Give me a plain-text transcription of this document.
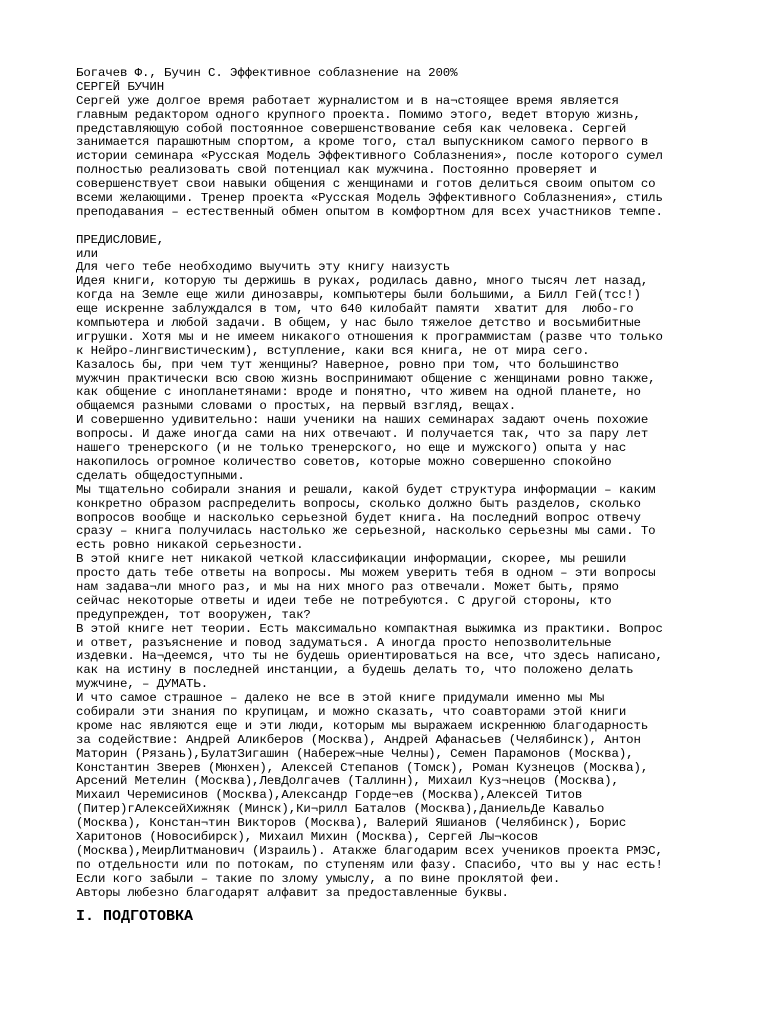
Богачев Ф., Бучин С. Эффективное соблазнение на 200%
СЕРГЕЙ БУЧИН
Сергей уже долгое время работает журналистом и в на¬стоящее время является
главным редактором одного крупного проекта. Помимо этого, ведет вторую жизнь,
представляющую собой постоянное совершенствование себя как человека. Сергей
занимается парашютным спортом, а кроме того, стал выпускником самого первого в
истории семинара «Русская Модель Эффективного Соблазнения», после которого сумел
полностью реализовать свой потенциал как мужчина. Постоянно проверяет и
совершенствует свои навыки общения с женщинами и готов делиться своим опытом со
всеми желающими. Тренер проекта «Русская Модель Эффективного Соблазнения», стиль
преподавания – естественный обмен опытом в комфортном для всех участников темпе.
ПРЕДИСЛОВИЕ,
или
Для чего тебе необходимо выучить эту книгу наизусть
Идея книги, которую ты держишь в руках, родилась давно, много тысяч лет назад,
когда на Земле еще жили динозавры, компьютеры были большими, а Билл Гей(тсс!)
еще искренне заблуждался в том, что 640 килобайт памяти  хватит для  любо-го
компьютера и любой задачи. В общем, у нас было тяжелое детство и восьмибитные
игрушки. Хотя мы и не имеем никакого отношения к программистам (разве что только
к Нейро-лингвистическим), вступление, каки вся книга, не от мира сего.
Казалось бы, при чем тут женщины? Наверное, ровно при том, что большинство
мужчин практически всю свою жизнь воспринимают общение с женщинами ровно также,
как общение с инопланетянами: вроде и понятно, что живем на одной планете, но
общаемся разными словами о простых, на первый взгляд, вещах.
И совершенно удивительно: наши ученики на наших семинарах задают очень похожие
вопросы. И даже иногда сами на них отвечают. И получается так, что за пару лет
нашего тренерского (и не только тренерского, но еще и мужского) опыта у нас
накопилось огромное количество советов, которые можно совершенно спокойно
сделать общедоступными.
Мы тщательно собирали знания и решали, какой будет структура информации – каким
конкретно образом распределить вопросы, сколько должно быть разделов, сколько
вопросов вообще и насколько серьезной будет книга. На последний вопрос отвечу
сразу – книга получилась настолько же серьезной, насколько серьезны мы сами. То
есть ровно никакой серьезности.
В этой книге нет никакой четкой классификации информации, скорее, мы решили
просто дать тебе ответы на вопросы. Мы можем уверить тебя в одном – эти вопросы
нам задава¬ли много раз, и мы на них много раз отвечали. Может быть, прямо
сейчас некоторые ответы и идеи тебе не потребуются. С другой стороны, кто
предупрежден, тот вооружен, так?
В этой книге нет теории. Есть максимально компактная выжимка из практики. Вопрос
и ответ, разъяснение и повод задуматься. А иногда просто непозволительные
издевки. На¬деемся, что ты не будешь ориентироваться на все, что здесь написано,
как на истину в последней инстанции, а будешь делать то, что положено делать
мужчине, – ДУМАТЬ.
И что самое страшное – далеко не все в этой книге придумали именно мы Мы
собирали эти знания по крупицам, и можно сказать, что соавторами этой книги
кроме нас являются еще и эти люди, которым мы выражаем искреннюю благодарность
за содействие: Андрей Аликберов (Москва), Андрей Афанасьев (Челябинск), Антон
Маторин (Рязань),БулатЗигашин (Набереж¬ные Челны), Семен Парамонов (Москва),
Константин Зверев (Мюнхен), Алексей Степанов (Томск), Роман Кузнецов (Москва),
Арсений Метелин (Москва),ЛевДолгачев (Таллинн), Михаил Куз¬нецов (Москва),
Михаил Черемисинов (Москва),Александр Горде¬ев (Москва),Алексей Титов
(Питер)гАлексейХижняк (Минск),Ки¬рилл Баталов (Москва),ДаниельДе Кавальо
(Москва), Констан¬тин Викторов (Москва), Валерий Яшианов (Челябинск), Борис
Харитонов (Новосибирск), Михаил Михин (Москва), Сергей Лы¬косов
(Москва),МеирЛитманович (Израиль). Атакже благодарим всех учеников проекта РМЭС,
по отдельности или по потокам, по ступеням или фазу. Спасибо, что вы у нас есть!
Если кого забыли – такие по злому умыслу, а по вине проклятой феи.
Авторы любезно благодарят алфавит за предоставленные буквы.
I. ПОДГОТОВКА
